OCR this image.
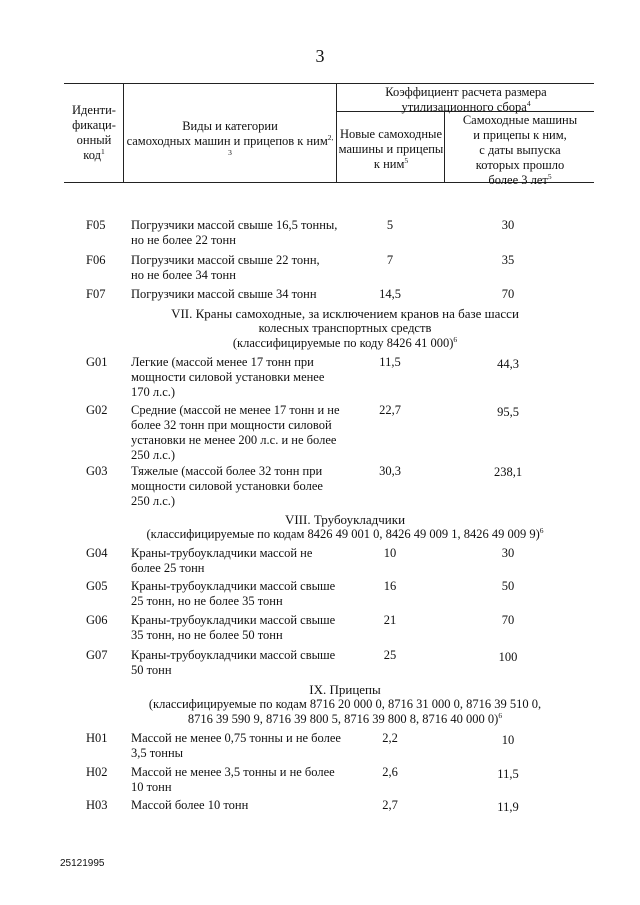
3
Иденти-
фикаци-
онный
код$^1$
Виды и категории
самоходных машин и прицепов к ним$^{2, 3}$
Коэффициент расчета размера
утилизационного сбора$^4$
Новые самоходные
машины и прицепы
к ним$^5$
Самоходные машины
и прицепы к ним,
с даты выпуска
которых прошло
более 3 лет$^5$
F05 Погрузчики массой свыше 16,5 тонны,
но не более 22 тонн
5	30
F06 Погрузчики массой свыше 22 тонн,
но не более 34 тонн
7	35
F07 Погрузчики массой свыше 34 тонн	14,5	70
VII. Краны самоходные, за исключением кранов на базе шасси
колесных транспортных средств
(классифицируемые по коду 8426 41 000)$^6$
G01 Легкие (массой менее 17 тонн при
мощности силовой установки менее
170 л.с.)
11,5	44,3
G02 Средние (массой не менее 17 тонн и не
более 32 тонн при мощности силовой
установки не менее 200 л.с. и не более
250 л.с.)
22,7	95,5
G03 Тяжелые (массой более 32 тонн при
мощности силовой установки более
250 л.с.)
30,3	238,1
VIII. Трубоукладчики
(классифицируемые по кодам 8426 49 001 0, 8426 49 009 1, 8426 49 009 9)$^6$
G04 Краны-трубоукладчики массой не
более 25 тонн
10	30
G05 Краны-трубоукладчики массой свыше
25 тонн, но не более 35 тонн
16	50
G06 Краны-трубоукладчики массой свыше
35 тонн, но не более 50 тонн
21	70
G07 Краны-трубоукладчики массой свыше
50 тонн
25	100
IX. Прицепы
(классифицируемые по кодам 8716 20 000 0, 8716 31 000 0, 8716 39 510 0,
8716 39 590 9, 8716 39 800 5, 8716 39 800 8, 8716 40 000 0)$^6$
H01 Массой не менее 0,75 тонны и не более
3,5 тонны
2,2	10
H02 Массой не менее 3,5 тонны и не более
10 тонн
2,6	11,5
H03 Массой более 10 тонн	2,7	11,9
25121995
